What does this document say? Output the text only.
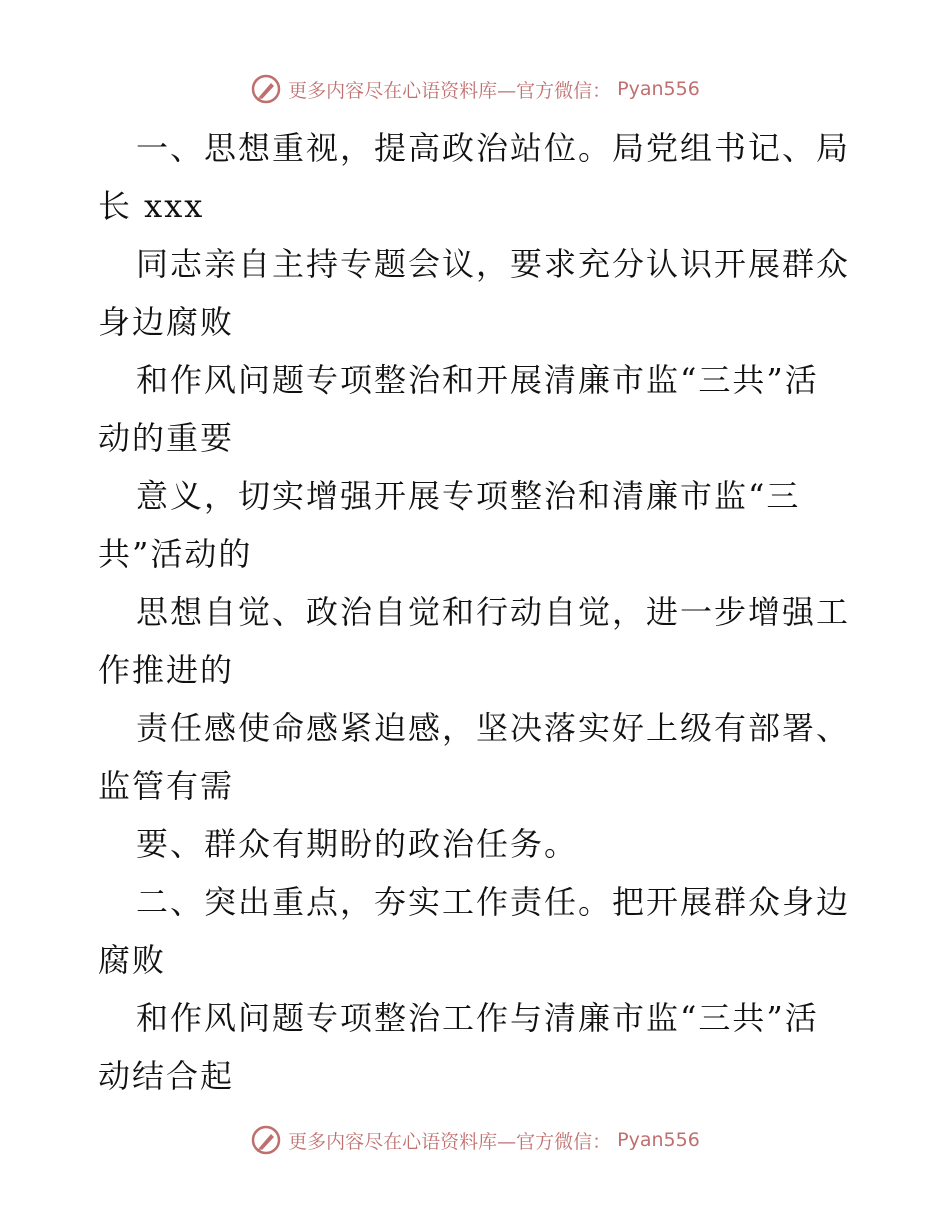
更多内容尽在心语资料库—官方微信： Pyan556
一、思想重视，提高政治站位。局党组书记、局
长 xxx
同志亲自主持专题会议，要求充分认识开展群众
身边腐败
和作风问题专项整治和开展清廉市监“三共”活
动的重要
意义，切实增强开展专项整治和清廉市监“三
共”活动的
思想自觉、政治自觉和行动自觉，进一步增强工
作推进的
责任感使命感紧迫感，坚决落实好上级有部署、
监管有需
要、群众有期盼的政治任务。
二、突出重点，夯实工作责任。把开展群众身边
腐败
和作风问题专项整治工作与清廉市监“三共”活
动结合起
更多内容尽在心语资料库—官方微信： Pyan556
